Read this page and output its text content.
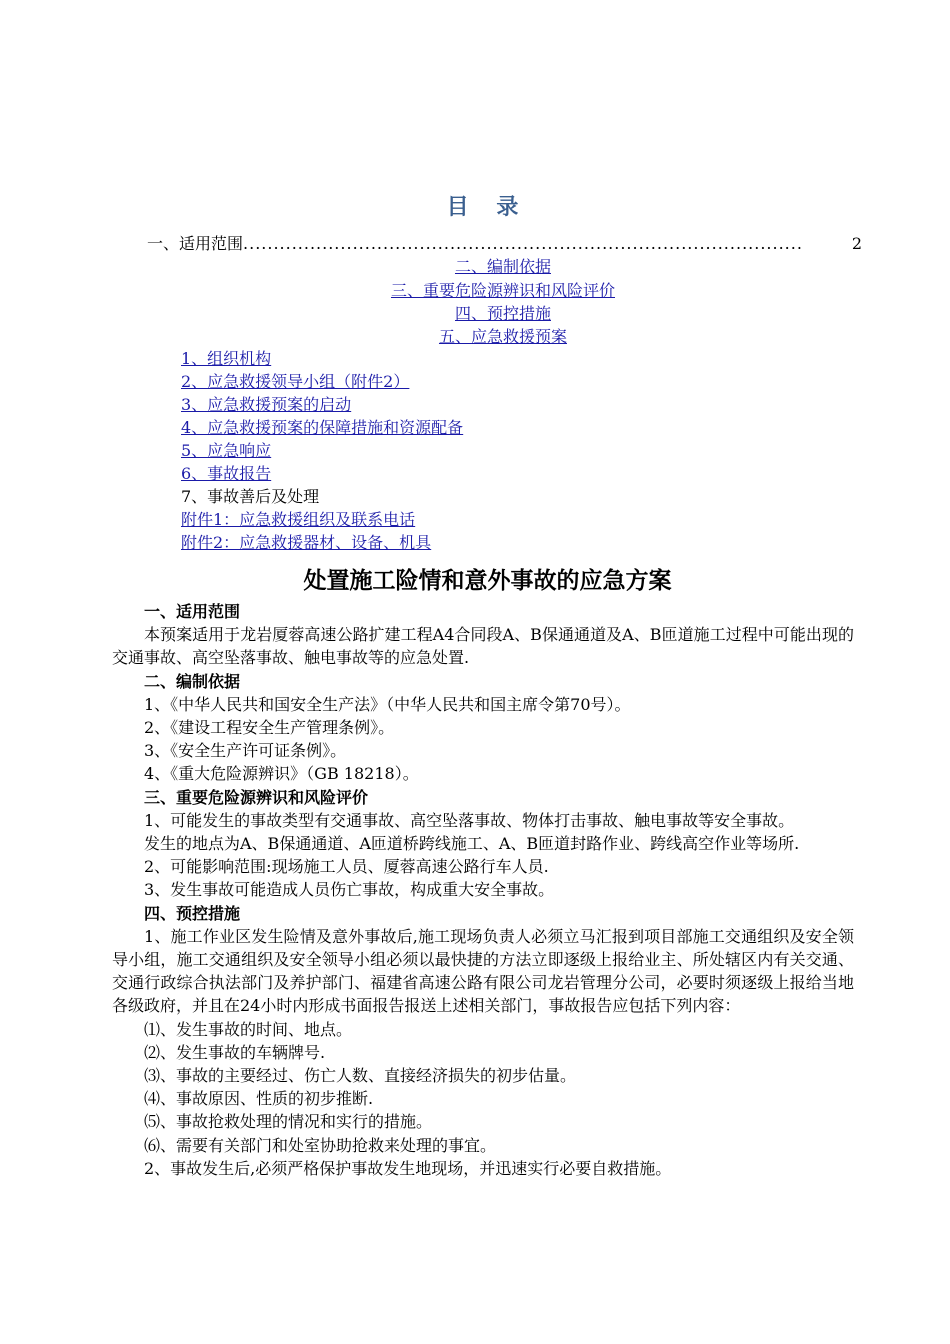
目 录
一、适用范围............................................................................................	2
二、编制依据
三、重要危险源辨识和风险评价
四、预控措施
五、应急救援预案
1、组织机构
2、应急救援领导小组（附件2）
3、应急救援预案的启动
4、应急救援预案的保障措施和资源配备
5、应急响应
6、事故报告
7、事故善后及处理
附件1：应急救援组织及联系电话
附件2：应急救援器材、设备、机具
处置施工险情和意外事故的应急方案

一、适用范围

本预案适用于龙岩厦蓉高速公路扩建工程A4合同段A、B保通通道及A、B匝道施工过程中可能出现的交通事故、高空坠落事故、触电事故等的应急处置.

二、编制依据

1、《中华人民共和国安全生产法》（中华人民共和国主席令第70号）。

2、《建设工程安全生产管理条例》。

3、《安全生产许可证条例》。

4、《重大危险源辨识》（GB 18218）。

三、重要危险源辨识和风险评价

1、可能发生的事故类型有交通事故、高空坠落事故、物体打击事故、触电事故等安全事故。

发生的地点为A、B保通通道、A匝道桥跨线施工、A、B匝道封路作业、跨线高空作业等场所.

2、可能影响范围:现场施工人员、厦蓉高速公路行车人员.

3、发生事故可能造成人员伤亡事故，构成重大安全事故。

四、预控措施

1、施工作业区发生险情及意外事故后,施工现场负责人必须立马汇报到项目部施工交通组织及安全领导小组，施工交通组织及安全领导小组必须以最快捷的方法立即逐级上报给业主、所处辖区内有关交通、交通行政综合执法部门及养护部门、福建省高速公路有限公司龙岩管理分公司，必要时须逐级上报给当地各级政府，并且在24小时内形成书面报告报送上述相关部门，事故报告应包括下列内容：

⑴、发生事故的时间、地点。

⑵、发生事故的车辆牌号.

⑶、事故的主要经过、伤亡人数、直接经济损失的初步估量。

⑷、事故原因、性质的初步推断.

⑸、事故抢救处理的情况和实行的措施。

⑹、需要有关部门和处室协助抢救来处理的事宜。

2、事故发生后,必须严格保护事故发生地现场，并迅速实行必要自救措施。
